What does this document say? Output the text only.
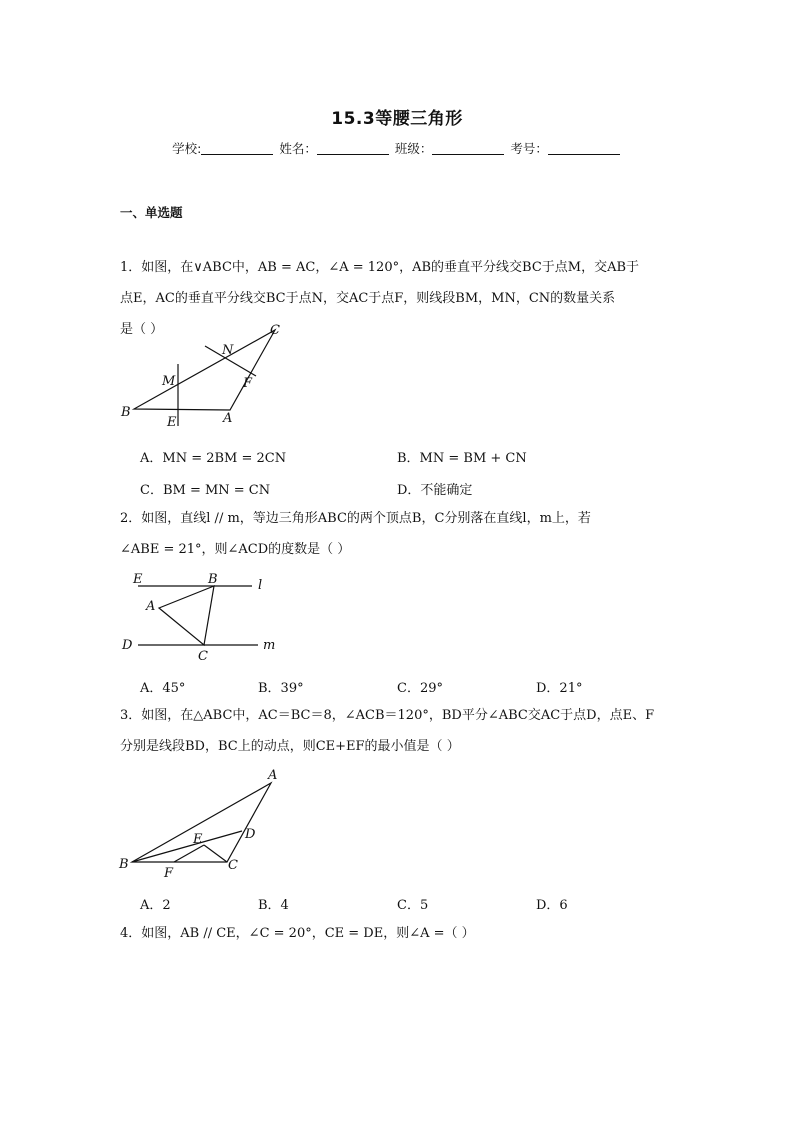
15.3等腰三角形
学校:	姓名：	班级：	考号：
一、单选题
1．如图，在∨ABC中，AB = AC，∠A = 120°，AB的垂直平分线交BC于点M，交AB于
点E，AC的垂直平分线交BC于点N，交AC于点F，则线段BM，MN，CN的数量关系
是（ ）
B
E	A
M
N
C
F
A．MN = 2BM = 2CN	B．MN = BM + CN
C．BM = MN = CN	D．不能确定
2．如图，直线l // m，等边三角形ABC的两个顶点B，C分别落在直线l，m上，若
∠ABE = 21°，则∠ACD的度数是（ ）
E	B	l
A
D
C
m
A．45°	B．39°	C．29°	D．21°
3．如图，在△ABC中，AC＝BC＝8，∠ACB＝120°，BD平分∠ABC交AC于点D，点E、F
分别是线段BD，BC上的动点，则CE+EF的最小值是（ ）
A
D
E
B
F
C
A．2	B．4	C．5	D．6
4．如图，AB // CE，∠C = 20°，CE = DE，则∠A =（ ）
